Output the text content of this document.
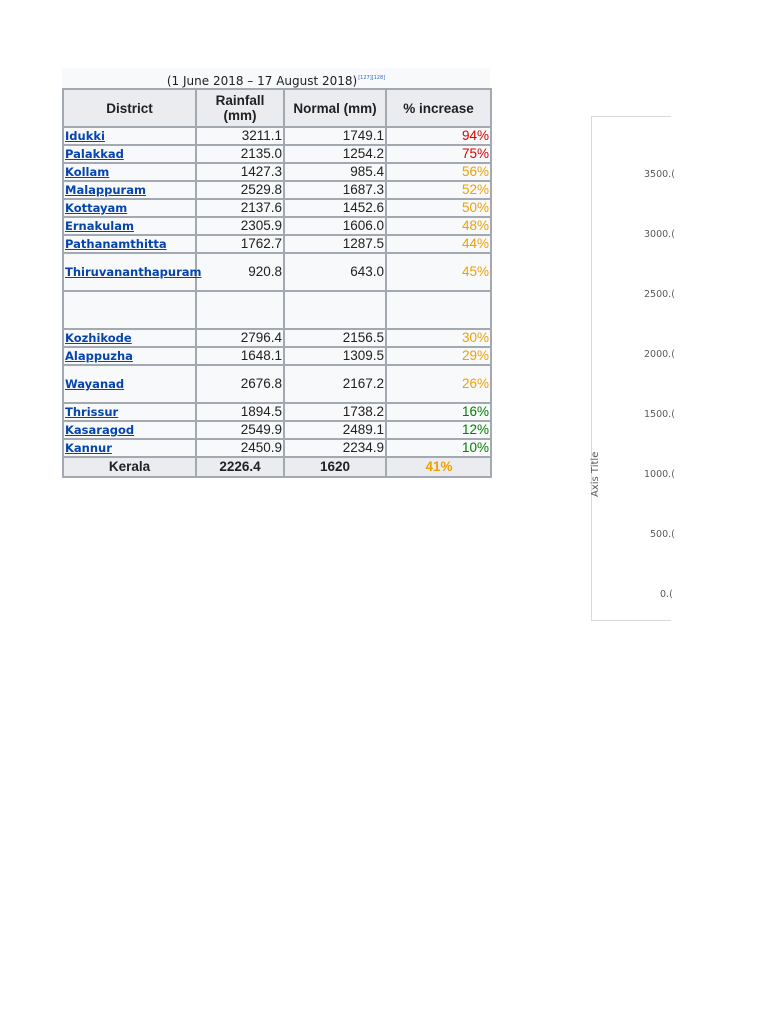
(1 June 2018 – 17 August 2018)[127][128]
District	Rainfall (mm)	Normal (mm)	% increase
Idukki	3211.1	1749.1	94%
Palakkad	2135.0	1254.2	75%
Kollam	1427.3	985.4	56%
Malappuram	2529.8	1687.3	52%
Kottayam	2137.6	1452.6	50%
Ernakulam	2305.9	1606.0	48%
Pathanamthitta	1762.7	1287.5	44%
Thiruvananthapuram	920.8	643.0	45%

Kozhikode	2796.4	2156.5	30%
Alappuzha	1648.1	1309.5	29%
Wayanad	2676.8	2167.2	26%
Thrissur	1894.5	1738.2	16%
Kasaragod	2549.9	2489.1	12%
Kannur	2450.9	2234.9	10%
Kerala	2226.4	1620	41%	Axis Title
3500.(
3000.(
2500.(
2000.(
1500.(
1000.(
500.(
0.(
